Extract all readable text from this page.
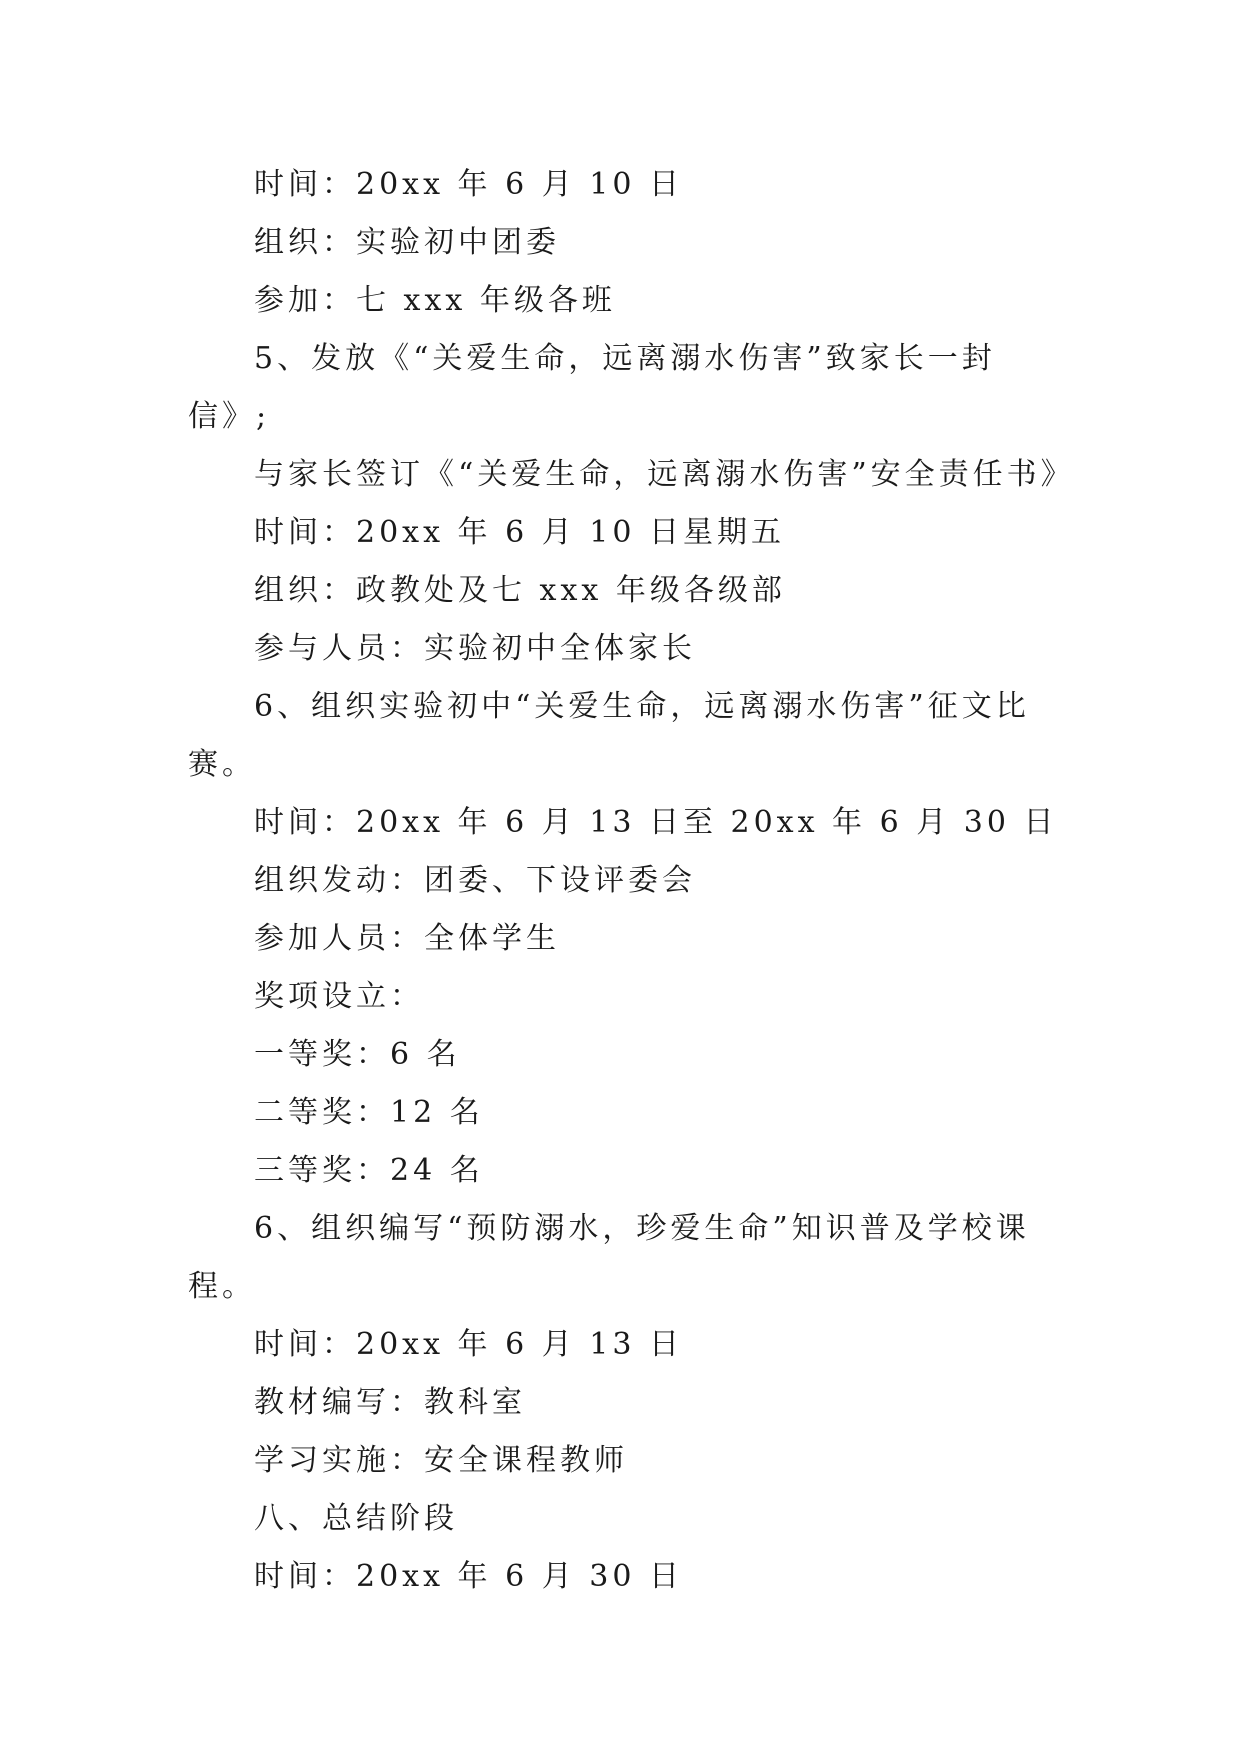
时间：20xx 年 6 月 10 日

组织：实验初中团委

参加：七 xxx 年级各班

5、发放《“关爱生命，远离溺水伤害”致家长一封信》;

与家长签订《“关爱生命，远离溺水伤害”安全责任书》

时间：20xx 年 6 月 10 日星期五

组织：政教处及七 xxx 年级各级部

参与人员：实验初中全体家长

6、组织实验初中“关爱生命，远离溺水伤害”征文比赛。

时间：20xx 年 6 月 13 日至 20xx 年 6 月 30 日

组织发动：团委、下设评委会

参加人员：全体学生

奖项设立：

一等奖：6 名

二等奖：12 名

三等奖：24 名

6、组织编写“预防溺水，珍爱生命”知识普及学校课程。

时间：20xx 年 6 月 13 日

教材编写：教科室

学习实施：安全课程教师

八、总结阶段

时间：20xx 年 6 月 30 日
